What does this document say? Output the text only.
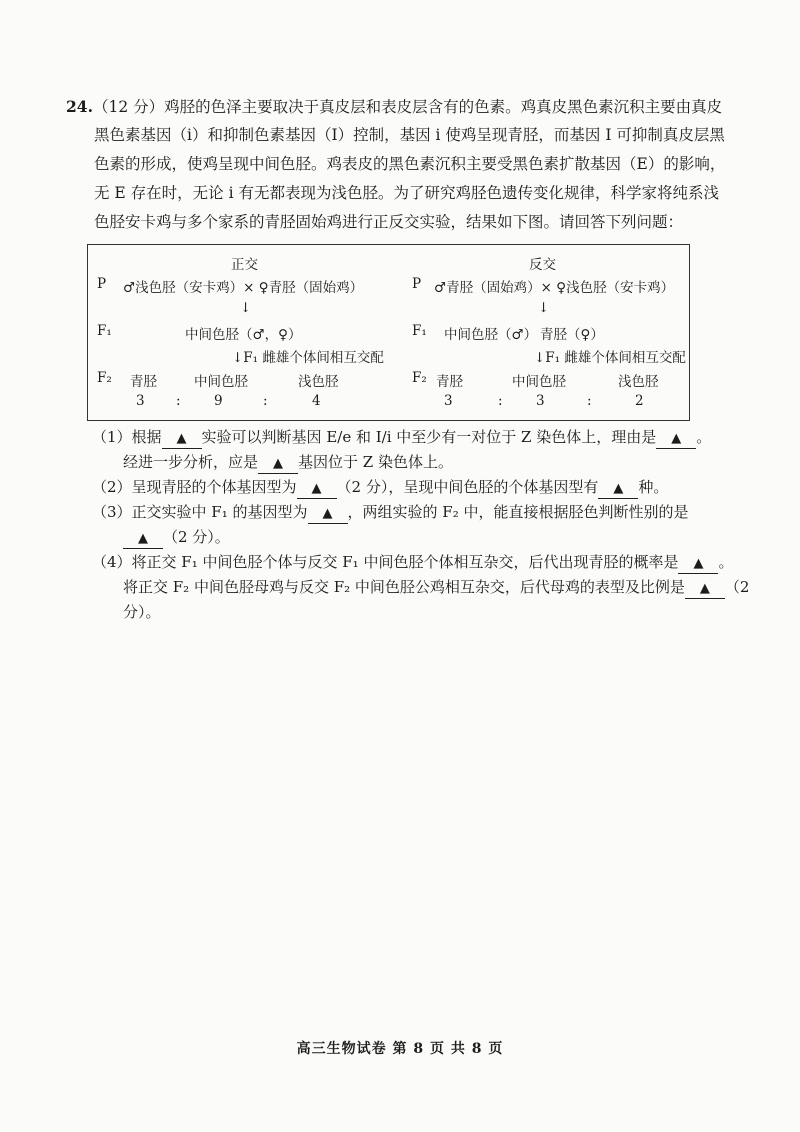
24.（12 分）鸡胫的色泽主要取决于真皮层和表皮层含有的色素。鸡真皮黑色素沉积主要由真皮
黑色素基因（i）和抑制色素基因（I）控制，基因 i 使鸡呈现青胫，而基因 I 可抑制真皮层黑
色素的形成，使鸡呈现中间色胫。鸡表皮的黑色素沉积主要受黑色素扩散基因（E）的影响，
无 E 存在时，无论 i 有无都表现为浅色胫。为了研究鸡胫色遗传变化规律，科学家将纯系浅
色胫安卡鸡与多个家系的青胫固始鸡进行正反交实验，结果如下图。请回答下列问题：
正交
P ♂浅色胫（安卡鸡）× ♀青胫（固始鸡）
↓
F₁	中间色胫（♂，♀）
↓F₁ 雌雄个体间相互交配
F₂ 青胫	中间色胫	浅色胫
3 : 9	:	4
反交
P ♂青胫（固始鸡）× ♀浅色胫（安卡鸡）
↓
F₁ 中间色胫（♂） 青胫（♀）
↓F₁ 雌雄个体间相互交配
F₂ 青胫	中间色胫	浅色胫
3	: 3	:	2
（1）根据 ▲ 实验可以判断基因 E/e 和 I/i 中至少有一对位于 Z 染色体上，理由是 ▲ 。
经进一步分析，应是 ▲ 基因位于 Z 染色体上。
（2）呈现青胫的个体基因型为 ▲ （2 分），呈现中间色胫的个体基因型有 ▲ 种。
（3）正交实验中 F₁ 的基因型为 ▲ ，两组实验的 F₂ 中，能直接根据胫色判断性别的是
▲ （2 分）。
（4）将正交 F₁ 中间色胫个体与反交 F₁ 中间色胫个体相互杂交，后代出现青胫的概率是 ▲ 。
将正交 F₂ 中间色胫母鸡与反交 F₂ 中间色胫公鸡相互杂交，后代母鸡的表型及比例是 ▲ （2
分）。
高三生物试卷 第 8 页 共 8 页
